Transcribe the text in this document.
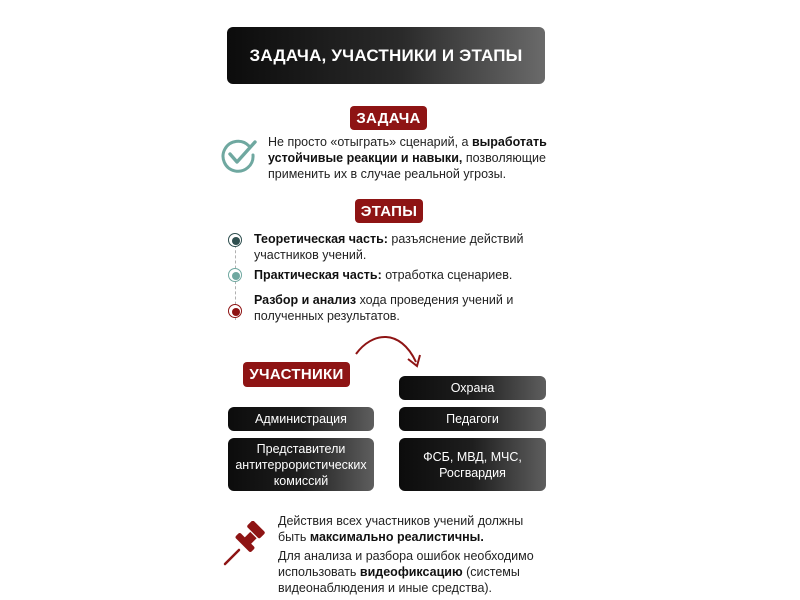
ЗАДАЧА, УЧАСТНИКИ И ЭТАПЫ
ЗАДАЧА
Не просто «отыграть» сценарий, а выработать устойчивые реакции и навыки, позволяющие применить их в случае реальной угрозы.
ЭТАПЫ
Теоретическая часть: разъяснение действий участников учений.
Практическая часть: отработка сценариев.
Разбор и анализ хода проведения учений и полученных результатов.
УЧАСТНИКИ
Администрация
Представители антитеррористических комиссий
Охрана
Педагоги
ФСБ, МВД, МЧС, Росгвардия
Действия всех участников учений должны быть максимально реалистичны.
Для анализа и разбора ошибок необходимо использовать видеофиксацию (системы видеонаблюдения и иные средства).
